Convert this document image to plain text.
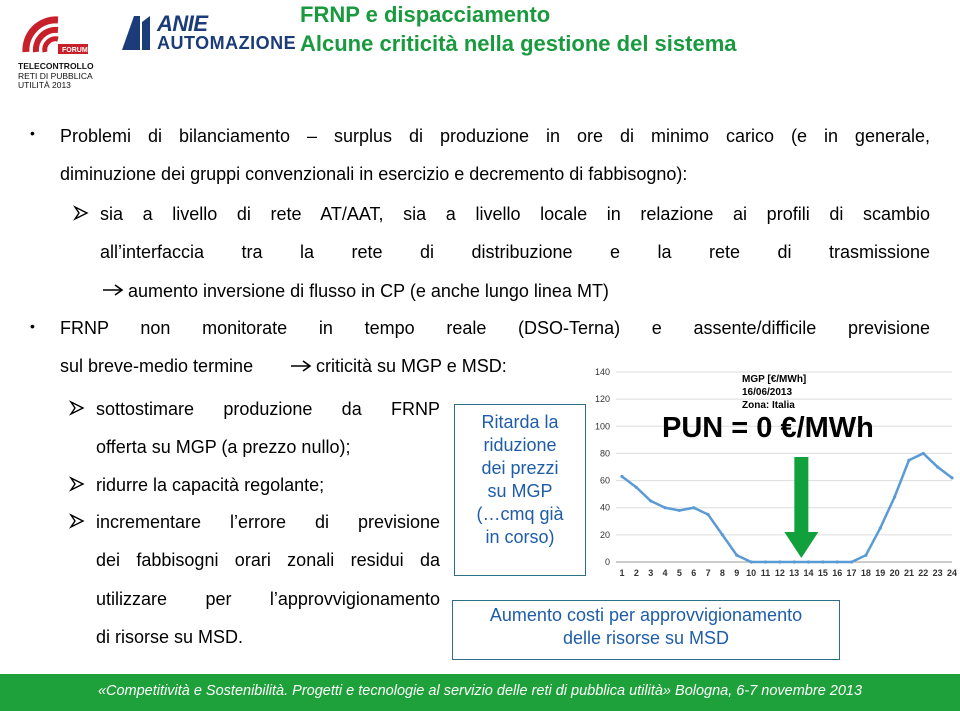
FORUM
TELECONTROLLO
RETI DI PUBBLICA
UTILITÀ 2013
ANIE
AUTOMAZIONE
FRNP e dispacciamento
Alcune criticità nella gestione del sistema
• Problemi di bilanciamento – surplus di produzione in ore di minimo carico (e in generale,
diminuzione dei gruppi convenzionali in esercizio e decremento di fabbisogno):
sia a livello di rete AT/AAT, sia a livello locale in relazione ai profili di scambio
all’interfaccia tra la rete di distribuzione e la rete di trasmissione
aumento inversione di flusso in CP (e anche lungo linea MT)
• FRNP non monitorate in tempo reale (DSO-Terna) e assente/difficile previsione
sul breve-medio termine	criticità su MGP e MSD:
sottostimare produzione da FRNP
offerta su MGP (a prezzo nullo);
ridurre la capacità regolante;
incrementare l’errore di previsione
dei fabbisogni orari zonali residui da
utilizzare per l’approvvigionamento
di risorse su MSD.
Ritarda la
riduzione
dei prezzi
su MGP
(…cmq già
in corso)
0
20
40
60
80
100
120
140
1 2 3 4 5 6 7 8 9 10 11 12 13 14 15 16 17 18 19 20 21 22 23 24
MGP [€/MWh]
16/06/2013
Zona: Italia
PUN = 0 €/MWh
Aumento costi per approvvigionamento
delle risorse su MSD
«Competitività e Sostenibilità. Progetti e tecnologie al servizio delle reti di pubblica utilità» Bologna, 6-7 novembre 2013
